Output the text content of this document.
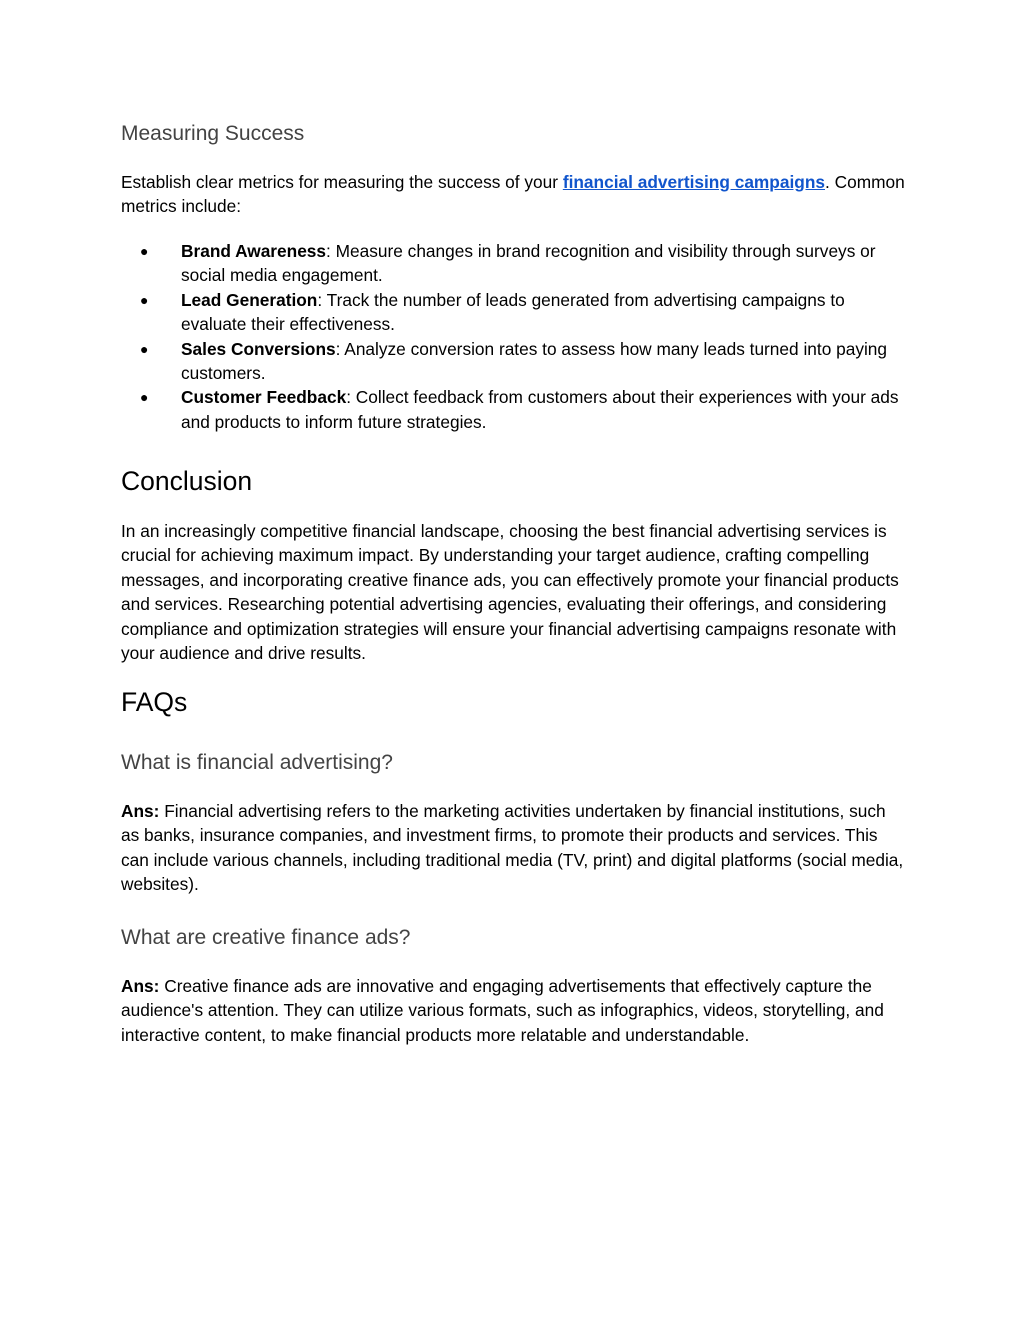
Measuring Success

Establish clear metrics for measuring the success of your financial advertising campaigns. Common metrics include:

● Brand Awareness: Measure changes in brand recognition and visibility through surveys or social media engagement.
● Lead Generation: Track the number of leads generated from advertising campaigns to evaluate their effectiveness.
● Sales Conversions: Analyze conversion rates to assess how many leads turned into paying customers.
● Customer Feedback: Collect feedback from customers about their experiences with your ads and products to inform future strategies.
Conclusion

In an increasingly competitive financial landscape, choosing the best financial advertising services is crucial for achieving maximum impact. By understanding your target audience, crafting compelling messages, and incorporating creative finance ads, you can effectively promote your financial products and services. Researching potential advertising agencies, evaluating their offerings, and considering compliance and optimization strategies will ensure your financial advertising campaigns resonate with your audience and drive results.

FAQs
What is financial advertising?

Ans: Financial advertising refers to the marketing activities undertaken by financial institutions, such as banks, insurance companies, and investment firms, to promote their products and services. This can include various channels, including traditional media (TV, print) and digital platforms (social media, websites).

What are creative finance ads?

Ans: Creative finance ads are innovative and engaging advertisements that effectively capture the audience's attention. They can utilize various formats, such as infographics, videos, storytelling, and interactive content, to make financial products more relatable and understandable.
